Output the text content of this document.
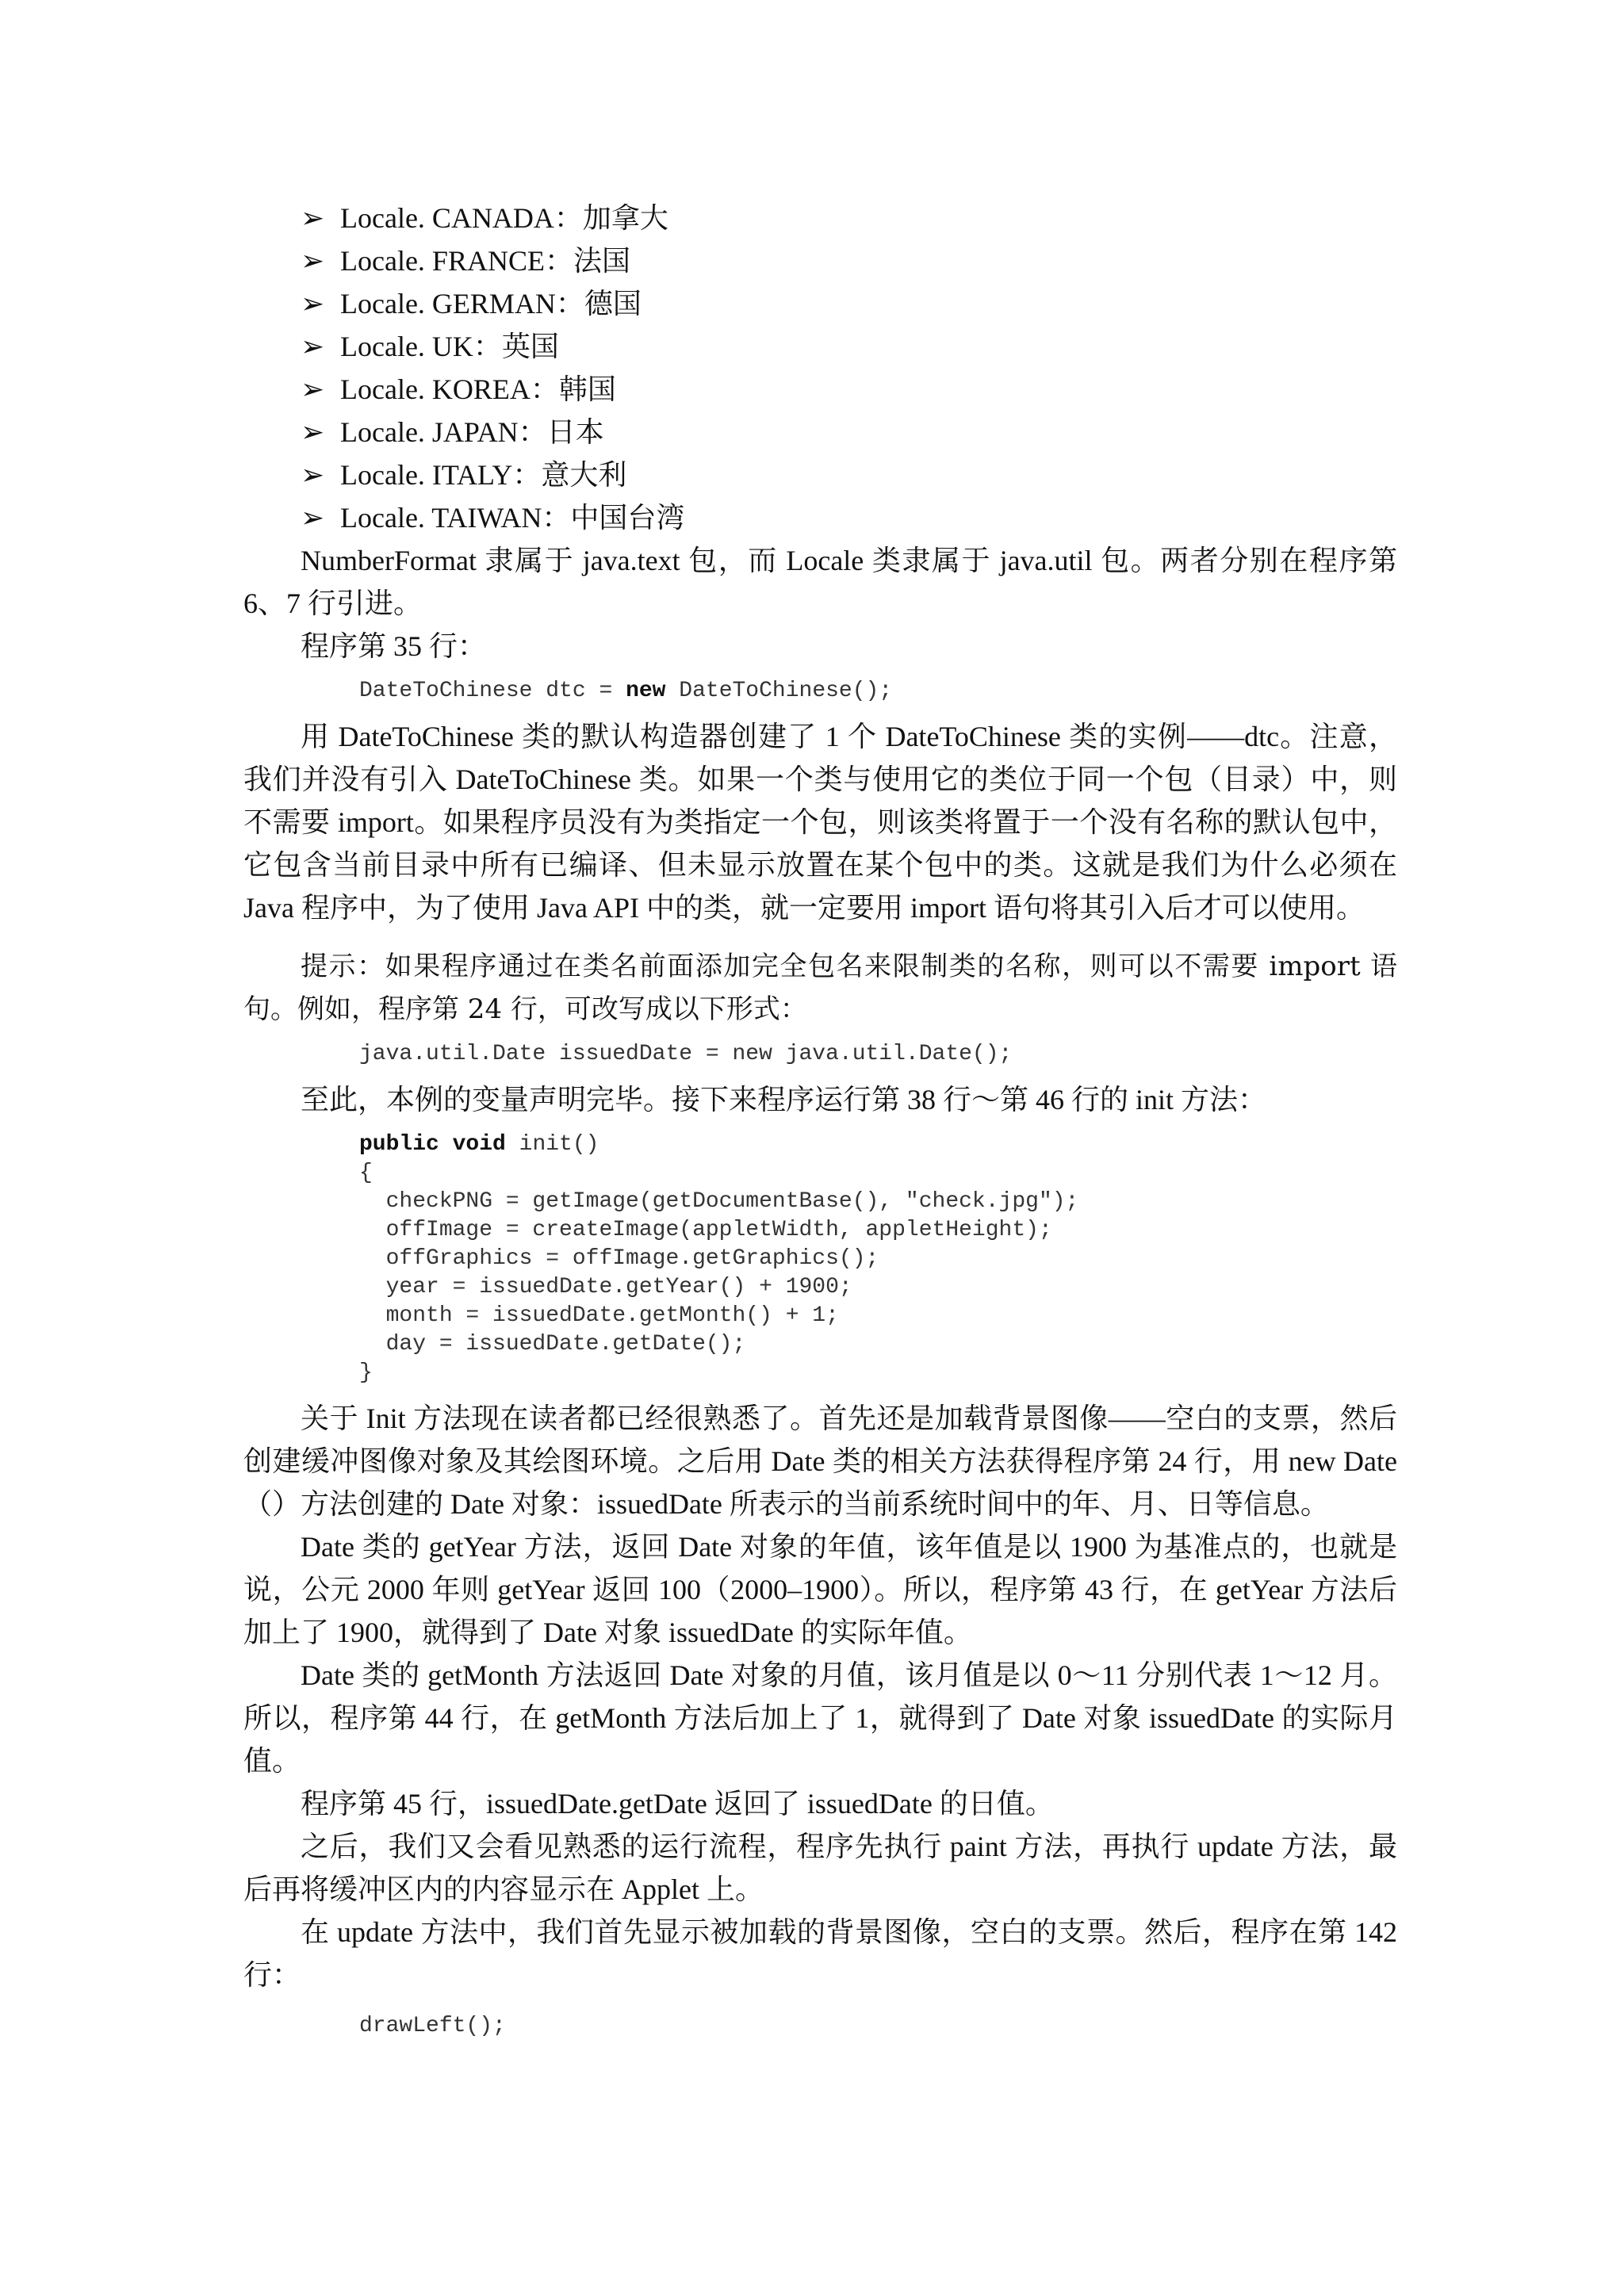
➢ Locale. CANADA：加拿大
➢ Locale. FRANCE：法国
➢ Locale. GERMAN：德国
➢ Locale. UK：英国
➢ Locale. KOREA：韩国
➢ Locale. JAPAN：日本
➢ Locale. ITALY：意大利
➢ Locale. TAIWAN：中国台湾

NumberFormat 隶属于 java.text 包，而 Locale 类隶属于 java.util 包。两者分别在程序第 6、7 行引进。

程序第 35 行：

DateToChinese dtc = new DateToChinese();

用 DateToChinese 类的默认构造器创建了 1 个 DateToChinese 类的实例——dtc。注意，我们并没有引入 DateToChinese 类。如果一个类与使用它的类位于同一个包（目录）中，则不需要 import。如果程序员没有为类指定一个包，则该类将置于一个没有名称的默认包中，它包含当前目录中所有已编译、但未显示放置在某个包中的类。这就是我们为什么必须在 Java 程序中，为了使用 Java API 中的类，就一定要用 import 语句将其引入后才可以使用。

提示：如果程序通过在类名前面添加完全包名来限制类的名称，则可以不需要 import 语句。例如，程序第 24 行，可改写成以下形式：

java.util.Date issuedDate = new java.util.Date();

至此，本例的变量声明完毕。接下来程序运行第 38 行～第 46 行的 init 方法：

public void init()
{
checkPNG = getImage(getDocumentBase(), "check.jpg");
offImage = createImage(appletWidth, appletHeight);
offGraphics = offImage.getGraphics();
year = issuedDate.getYear() + 1900;
month = issuedDate.getMonth() + 1;
day = issuedDate.getDate();
}

关于 Init 方法现在读者都已经很熟悉了。首先还是加载背景图像——空白的支票，然后创建缓冲图像对象及其绘图环境。之后用 Date 类的相关方法获得程序第 24 行，用 new Date（）方法创建的 Date 对象：issuedDate 所表示的当前系统时间中的年、月、日等信息。

Date 类的 getYear 方法，返回 Date 对象的年值，该年值是以 1900 为基准点的，也就是说，公元 2000 年则 getYear 返回 100（2000–1900）。所以，程序第 43 行，在 getYear 方法后加上了 1900，就得到了 Date 对象 issuedDate 的实际年值。

Date 类的 getMonth 方法返回 Date 对象的月值，该月值是以 0～11 分别代表 1～12 月。所以，程序第 44 行，在 getMonth 方法后加上了 1，就得到了 Date 对象 issuedDate 的实际月值。

程序第 45 行，issuedDate.getDate 返回了 issuedDate 的日值。

之后，我们又会看见熟悉的运行流程，程序先执行 paint 方法，再执行 update 方法，最后再将缓冲区内的内容显示在 Applet 上。

在 update 方法中，我们首先显示被加载的背景图像，空白的支票。然后，程序在第 142 行：

drawLeft();
